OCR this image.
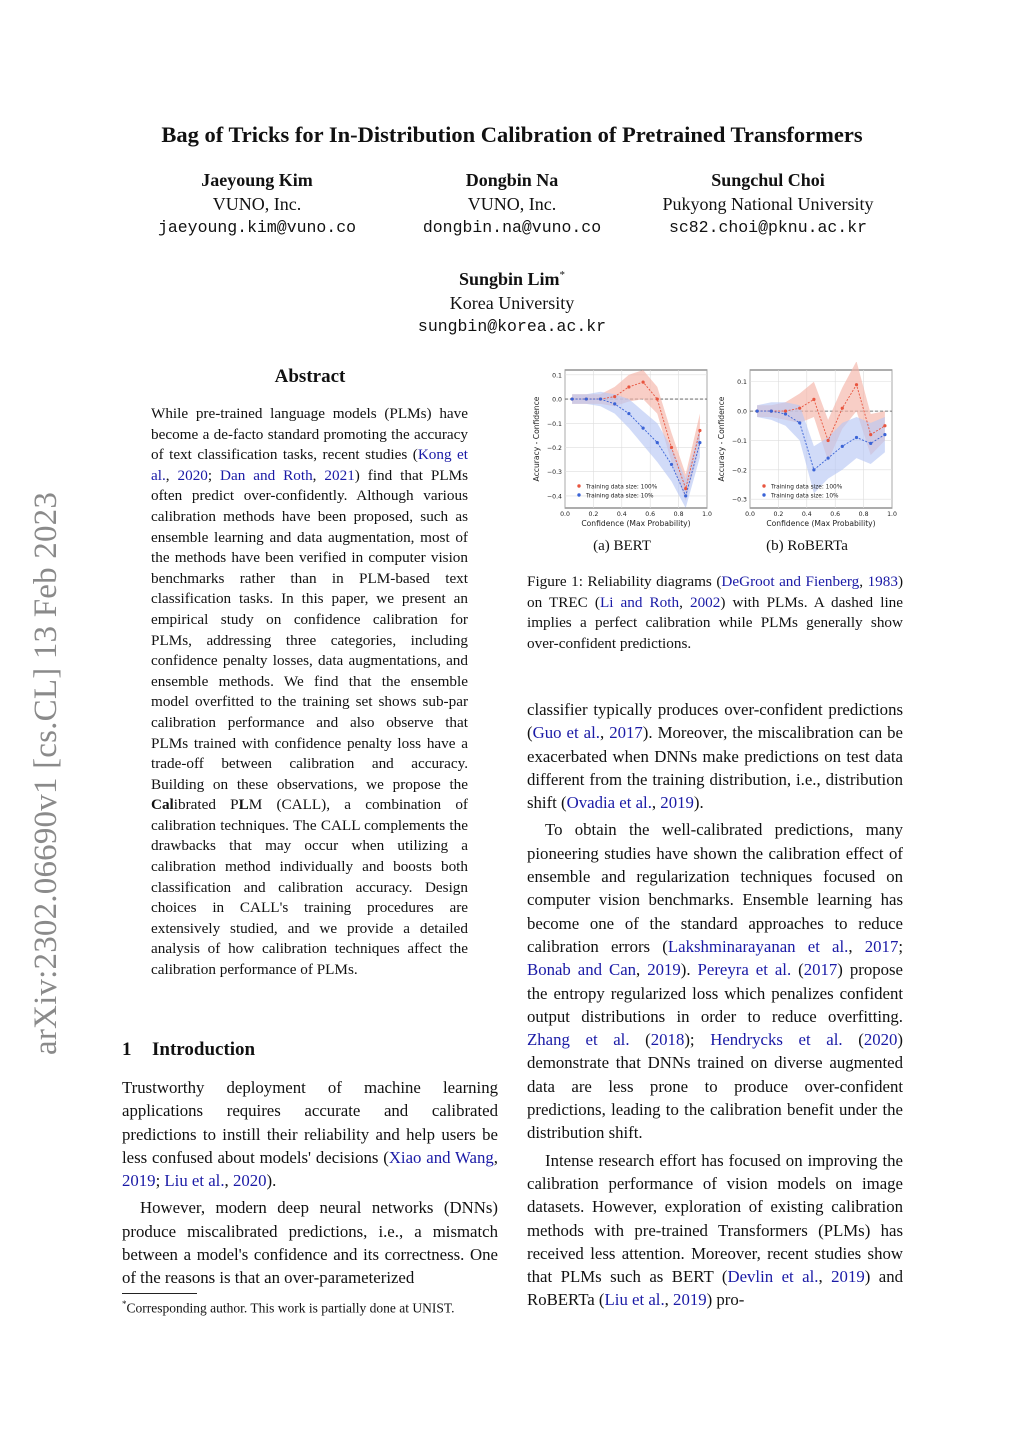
arXiv:2302.06690v1 [cs.CL] 13 Feb 2023
Bag of Tricks for In-Distribution Calibration of Pretrained Transformers
Jaeyoung Kim
VUNO, Inc.
jaeyoung.kim@vuno.co
Dongbin Na
VUNO, Inc.
dongbin.na@vuno.co
Sungchul Choi
Pukyong National University
sc82.choi@pknu.ac.kr
Sungbin Lim*
Korea University
sungbin@korea.ac.kr
Abstract

While pre-trained language models (PLMs) have become a de-facto standard promoting the accuracy of text classification tasks, recent studies (Kong et al., 2020; Dan and Roth, 2021) find that PLMs often predict over-confidently. Although various calibration methods have been proposed, such as ensemble learning and data augmentation, most of the methods have been verified in computer vision benchmarks rather than in PLM-based text classification tasks. In this paper, we present an empirical study on confidence calibration for PLMs, addressing three categories, including confidence penalty losses, data augmentations, and ensemble methods. We find that the ensemble model overfitted to the training set shows sub-par calibration performance and also observe that PLMs trained with confidence penalty loss have a trade-off between calibration and accuracy. Building on these observations, we propose the Calibrated PLM (CALL), a combination of calibration techniques. The CALL complements the drawbacks that may occur when utilizing a calibration method individually and boosts both classification and calibration accuracy. Design choices in CALL's training procedures are extensively studied, and we provide a detailed analysis of how calibration techniques affect the calibration performance of PLMs.

1 Introduction

Trustworthy deployment of machine learning applications requires accurate and calibrated predictions to instill their reliability and help users be less confused about models' decisions (Xiao and Wang, 2019; Liu et al., 2020).

However, modern deep neural networks (DNNs) produce miscalibrated predictions, i.e., a mismatch between a model's confidence and its correctness. One of the reasons is that an over-parameterized

*Corresponding author. This work is partially done at UNIST.
0.1
0.0
−0.1
−0.2
−0.3
−0.4
0.0	0.2	0.4	0.6	0.8	1.0
Training data size: 100%
Training data size: 10%
Confidence (Max Probability)
Accuracy - Confidence
0.1
0.0
−0.1
−0.2
−0.3
0.0	0.2	0.4	0.6	0.8	1.0
Training data size: 100%
Training data size: 10%
Confidence (Max Probability)
Accuracy - Confidence
(a) BERT	(b) RoBERTa
Figure 1: Reliability diagrams (DeGroot and Fienberg, 1983) on TREC (Li and Roth, 2002) with PLMs. A dashed line implies a perfect calibration while PLMs generally show over-confident predictions.

classifier typically produces over-confident predictions (Guo et al., 2017). Moreover, the miscalibration can be exacerbated when DNNs make predictions on test data different from the training distribution, i.e., distribution shift (Ovadia et al., 2019).

To obtain the well-calibrated predictions, many pioneering studies have shown the calibration effect of ensemble and regularization techniques focused on computer vision benchmarks. Ensemble learning has become one of the standard approaches to reduce calibration errors (Lakshminarayanan et al., 2017; Bonab and Can, 2019). Pereyra et al. (2017) propose the entropy regularized loss which penalizes confident output distributions in order to reduce overfitting. Zhang et al. (2018); Hendrycks et al. (2020) demonstrate that DNNs trained on diverse augmented data are less prone to produce over-confident predictions, leading to the calibration benefit under the distribution shift.

Intense research effort has focused on improving the calibration performance of vision models on image datasets. However, exploration of existing calibration methods with pre-trained Transformers (PLMs) has received less attention. Moreover, recent studies show that PLMs such as BERT (Devlin et al., 2019) and RoBERTa (Liu et al., 2019) pro-
